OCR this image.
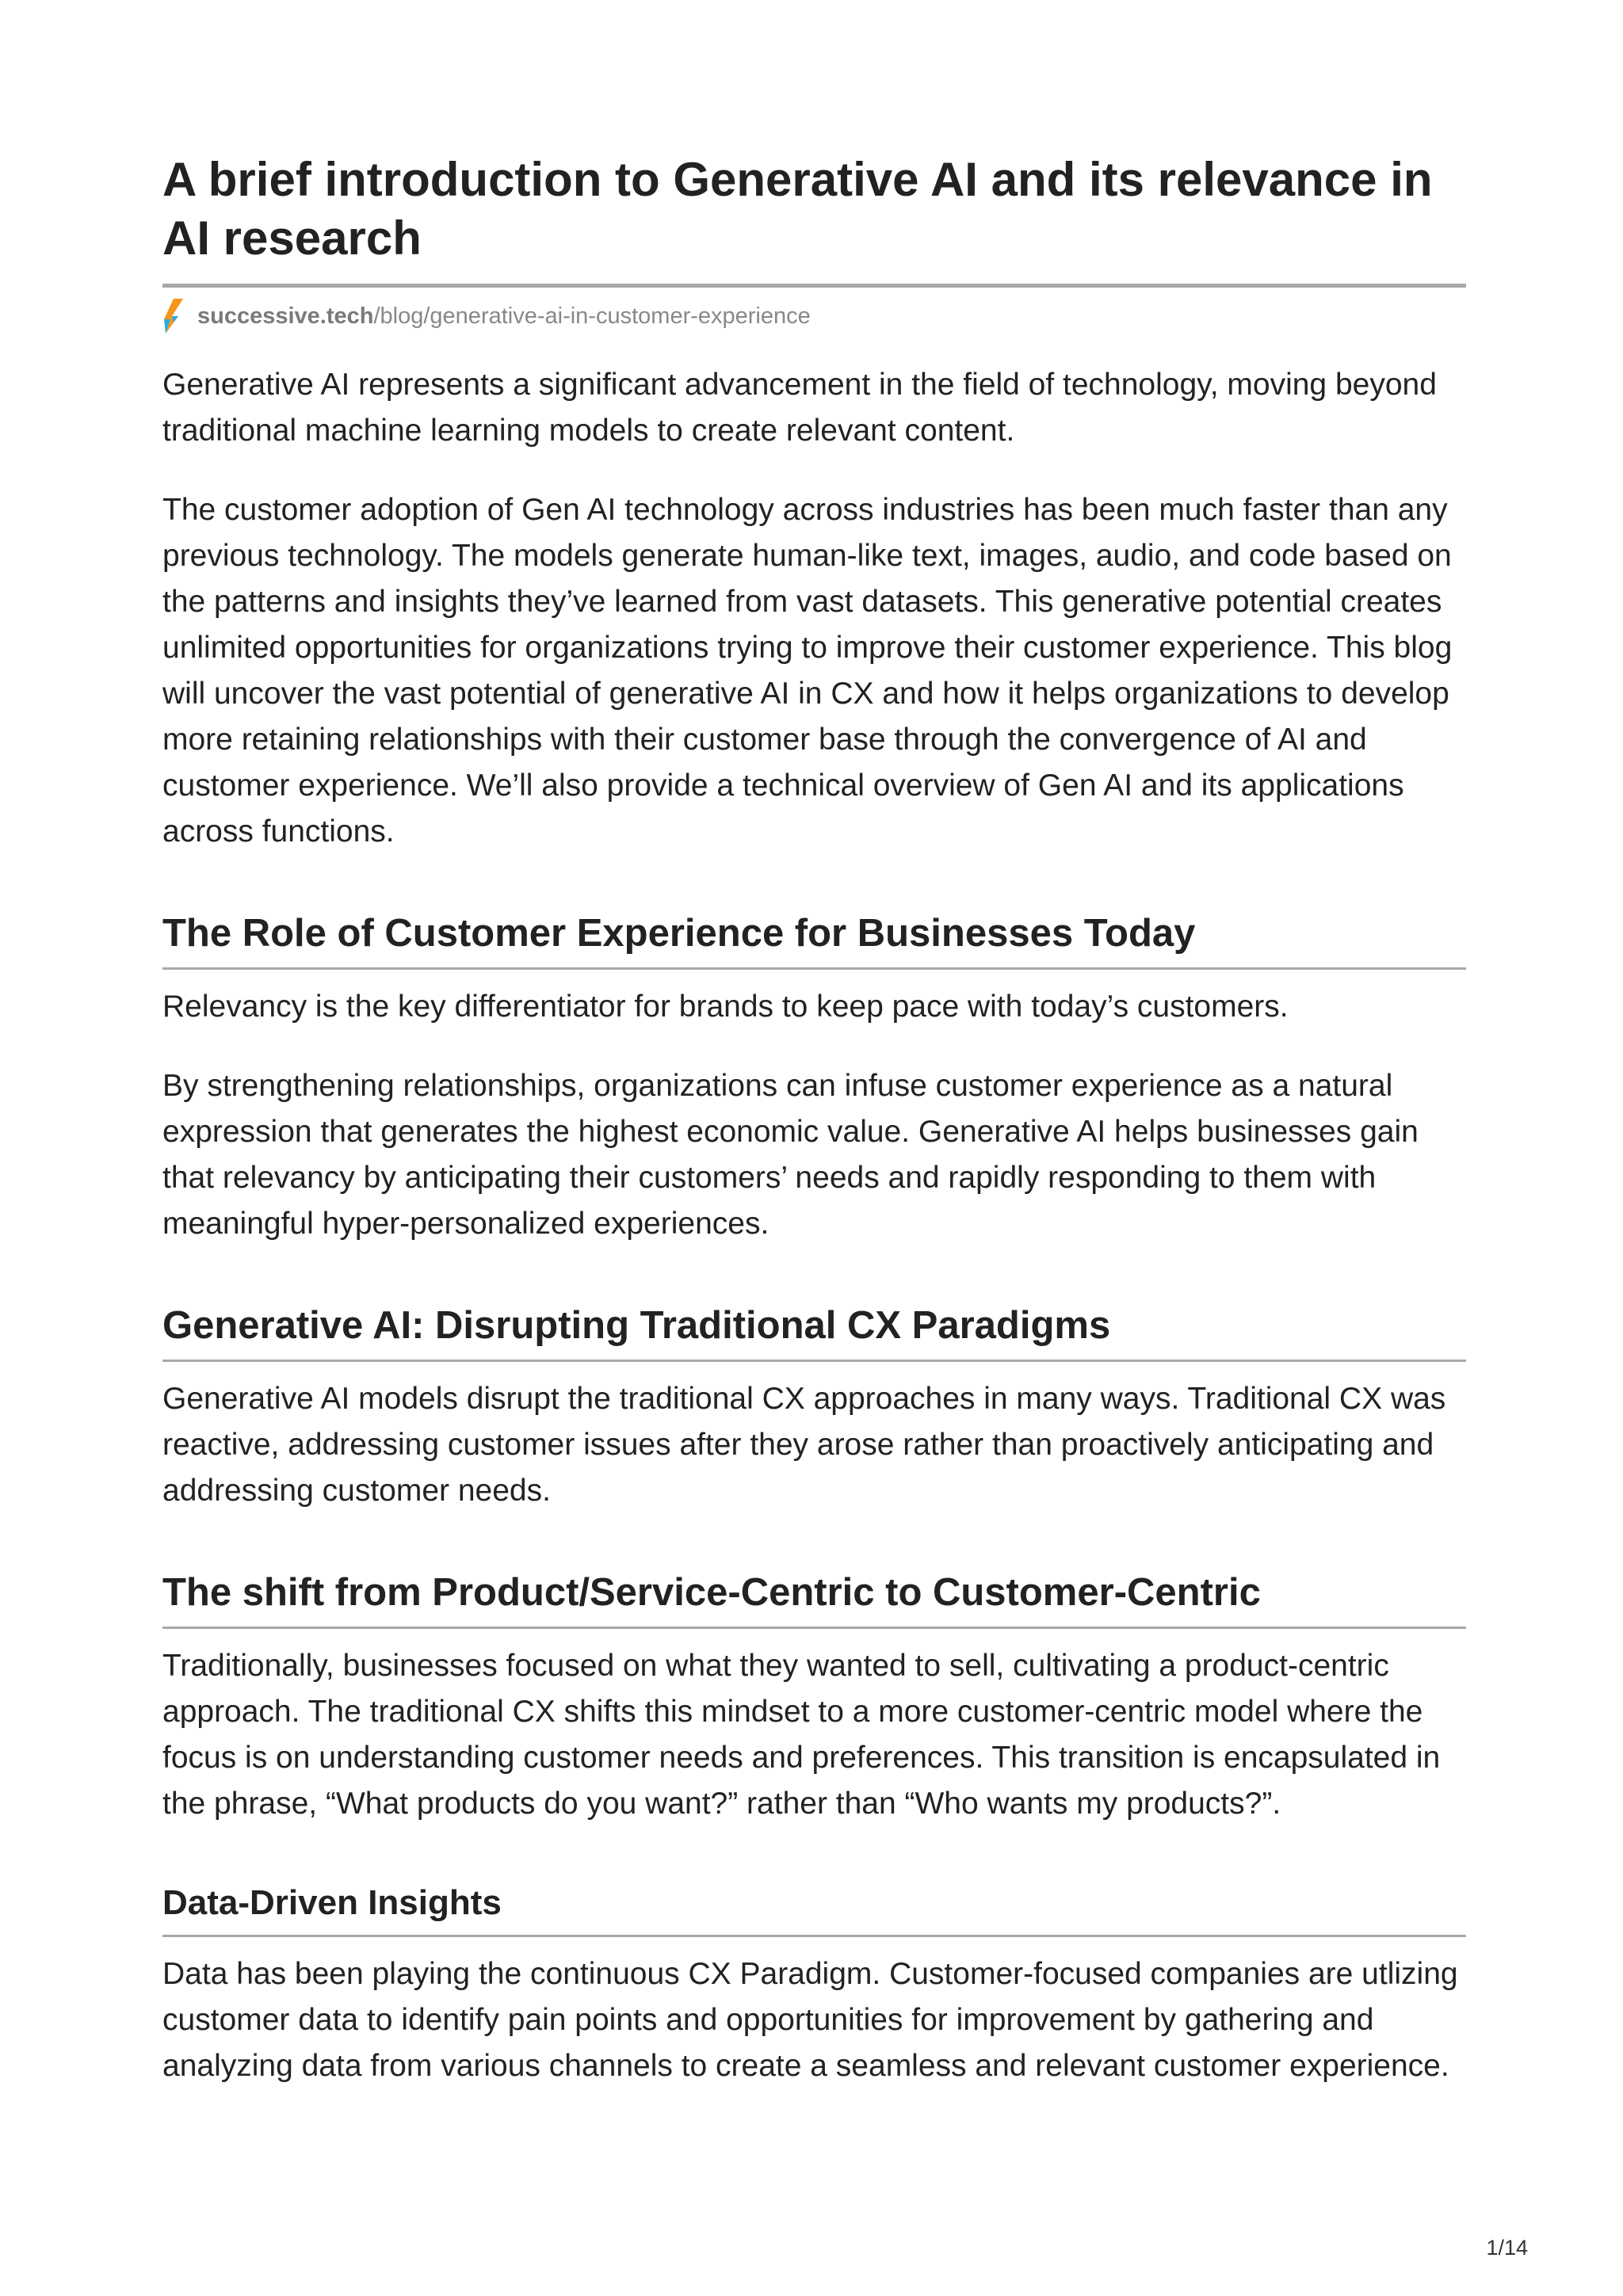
A brief introduction to Generative AI and its relevance in AI research
successive.tech /blog/generative-ai-in-customer-experience

Generative AI represents a significant advancement in the field of technology, moving beyond traditional machine learning models to create relevant content.

The customer adoption of Gen AI technology across industries has been much faster than any previous technology. The models generate human-like text, images, audio, and code based on the patterns and insights they’ve learned from vast datasets. This generative potential creates unlimited opportunities for organizations trying to improve their customer experience. This blog will uncover the vast potential of generative AI in CX and how it helps organizations to develop more retaining relationships with their customer base through the convergence of AI and customer experience. We’ll also provide a technical overview of Gen AI and its applications across functions.

The Role of Customer Experience for Businesses Today

Relevancy is the key differentiator for brands to keep pace with today’s customers.

By strengthening relationships, organizations can infuse customer experience as a natural expression that generates the highest economic value. Generative AI helps businesses gain that relevancy by anticipating their customers’ needs and rapidly responding to them with meaningful hyper-personalized experiences.

Generative AI: Disrupting Traditional CX Paradigms

Generative AI models disrupt the traditional CX approaches in many ways. Traditional CX was reactive, addressing customer issues after they arose rather than proactively anticipating and addressing customer needs.

The shift from Product/Service-Centric to Customer-Centric

Traditionally, businesses focused on what they wanted to sell, cultivating a product-centric approach. The traditional CX shifts this mindset to a more customer-centric model where the focus is on understanding customer needs and preferences. This transition is encapsulated in the phrase, “What products do you want?” rather than “Who wants my products?”.

Data-Driven Insights

Data has been playing the continuous CX Paradigm. Customer-focused companies are utlizing customer data to identify pain points and opportunities for improvement by gathering and analyzing data from various channels to create a seamless and relevant customer experience.

1/14
